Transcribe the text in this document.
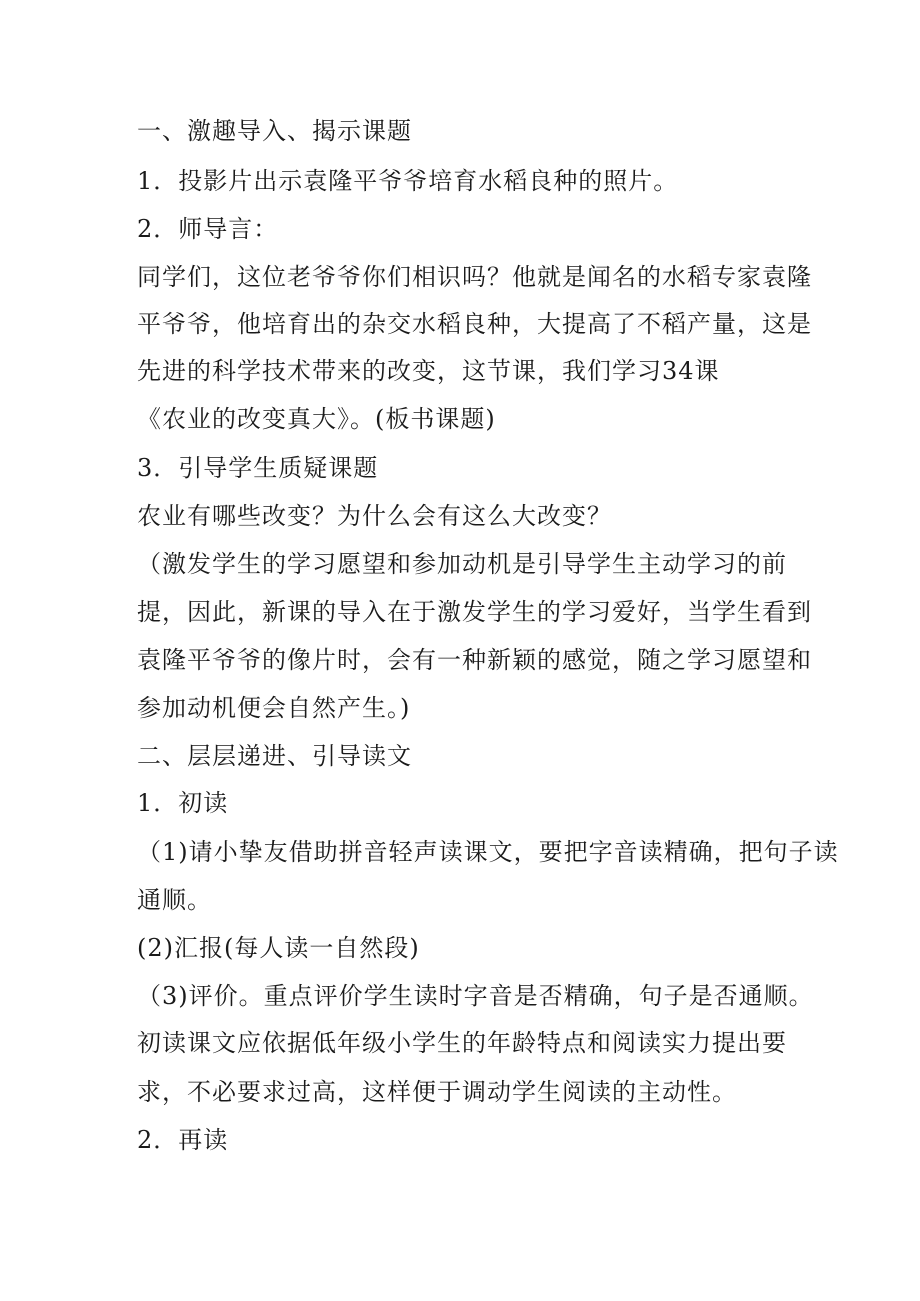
一、激趣导入、揭示课题
1．投影片出示袁隆平爷爷培育水稻良种的照片。
2．师导言：
同学们，这位老爷爷你们相识吗？他就是闻名的水稻专家袁隆
平爷爷，他培育出的杂交水稻良种，大提高了不稻产量，这是
先进的科学技术带来的改变，这节课，我们学习34课
《农业的改变真大》。(板书课题)
3．引导学生质疑课题
农业有哪些改变？为什么会有这么大改变？
（激发学生的学习愿望和参加动机是引导学生主动学习的前
提，因此，新课的导入在于激发学生的学习爱好，当学生看到
袁隆平爷爷的像片时，会有一种新颖的感觉，随之学习愿望和
参加动机便会自然产生。)
二、层层递进、引导读文
1．初读
（1)请小挚友借助拼音轻声读课文，要把字音读精确，把句子读
通顺。
(2)汇报(每人读一自然段)
（3)评价。重点评价学生读时字音是否精确，句子是否通顺。
初读课文应依据低年级小学生的年龄特点和阅读实力提出要
求，不必要求过高，这样便于调动学生阅读的主动性。
2．再读
